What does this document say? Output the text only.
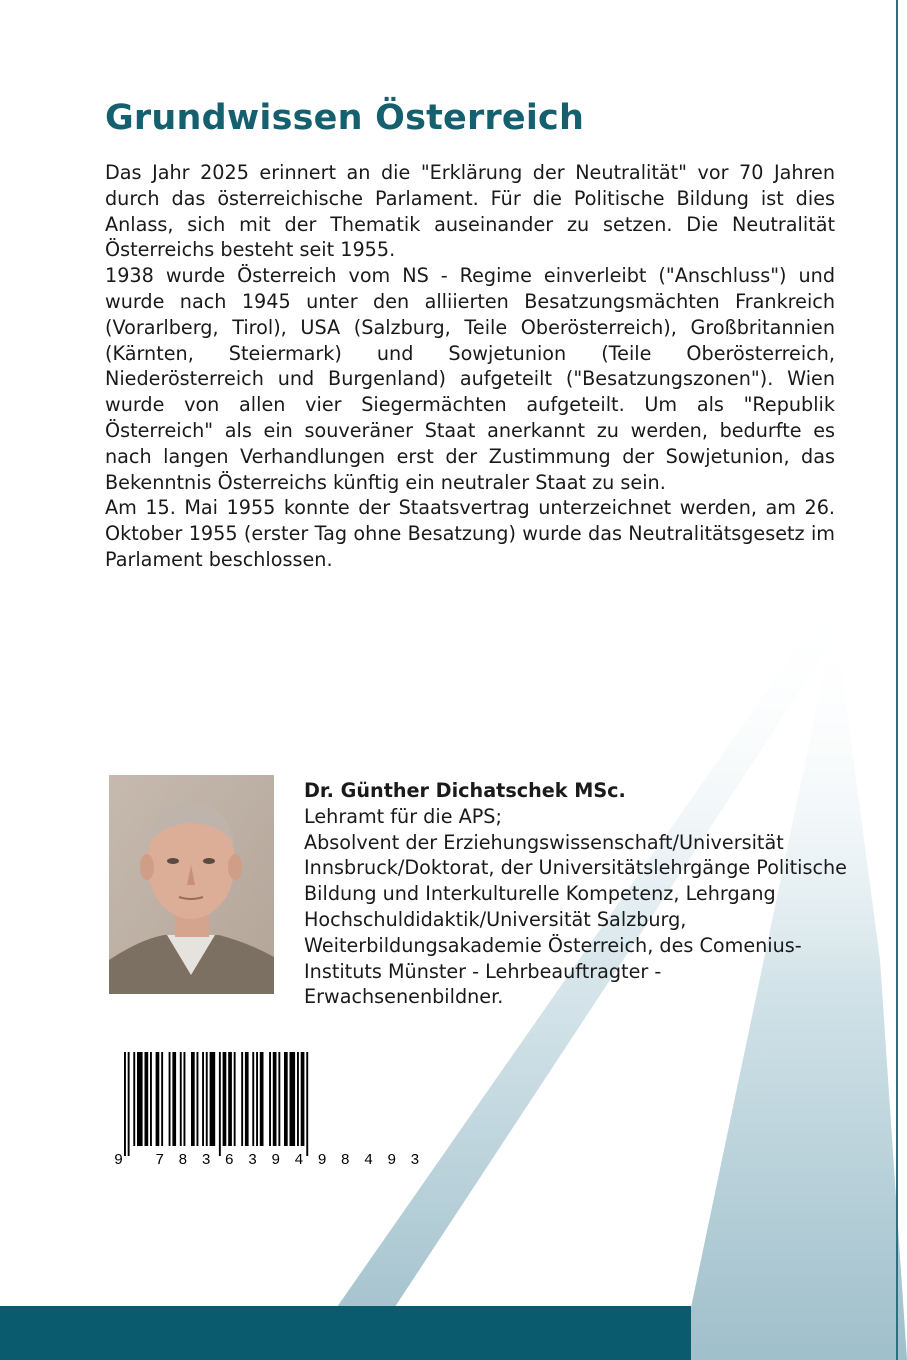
Grundwissen Österreich

Das Jahr 2025 erinnert an die "Erklärung der Neutralität" vor 70 Jahren durch das österreichische Parlament. Für die Politische Bildung ist dies Anlass, sich mit der Thematik auseinander zu setzen. Die Neutralität Österreichs besteht seit 1955.

1938 wurde Österreich vom NS - Regime einverleibt ("Anschluss") und wurde nach 1945 unter den alliierten Besatzungsmächten Frankreich (Vorarlberg, Tirol), USA (Salzburg, Teile Oberösterreich), Großbritannien (Kärnten, Steiermark) und Sowjetunion (Teile Oberösterreich, Niederösterreich und Burgenland) aufgeteilt ("Besatzungszonen"). Wien wurde von allen vier Siegermächten aufgeteilt. Um als "Republik Österreich" als ein souveräner Staat anerkannt zu werden, bedurfte es nach langen Verhandlungen erst der Zustimmung der Sowjetunion, das Bekenntnis Österreichs künftig ein neutraler Staat zu sein.

Am 15. Mai 1955 konnte der Staatsvertrag unterzeichnet werden, am 26. Oktober 1955 (erster Tag ohne Besatzung) wurde das Neutralitätsgesetz im Parlament beschlossen.

Dr. Günther Dichatschek MSc.

Lehramt für die APS;
Absolvent der Erziehungswissenschaft/Universität Innsbruck/Doktorat, der Universitätslehrgänge Politische Bildung und Interkulturelle Kompetenz, Lehrgang Hochschuldidaktik/Universität Salzburg, Weiterbildungsakademie Österreich, des Comenius-Instituts Münster - Lehrbeauftragter - Erwachsenenbildner.

9 7 8 3 6 3 9 4 9 8 4 9 3
